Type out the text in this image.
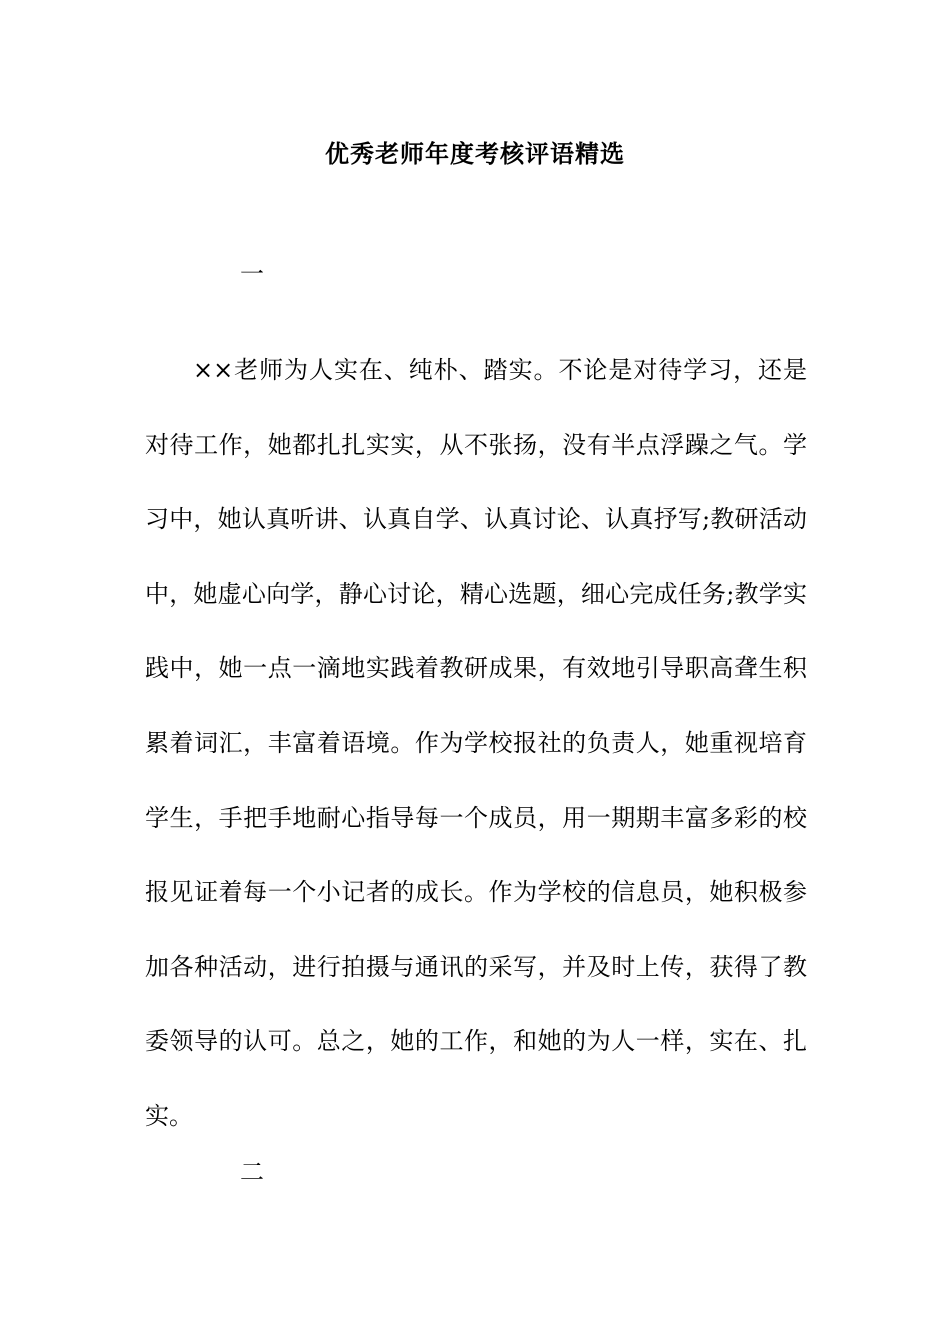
优秀老师年度考核评语精选
一

××老师为人实在、纯朴、踏实。不论是对待学习，还是对待工作，她都扎扎实实，从不张扬，没有半点浮躁之气。学习中，她认真听讲、认真自学、认真讨论、认真抒写;教研活动中，她虚心向学，静心讨论，精心选题，细心完成任务;教学实践中，她一点一滴地实践着教研成果，有效地引导职高聋生积累着词汇，丰富着语境。作为学校报社的负责人，她重视培育学生，手把手地耐心指导每一个成员，用一期期丰富多彩的校报见证着每一个小记者的成长。作为学校的信息员，她积极参加各种活动，进行拍摄与通讯的采写，并及时上传，获得了教委领导的认可。总之，她的工作，和她的为人一样，实在、扎实。

二
